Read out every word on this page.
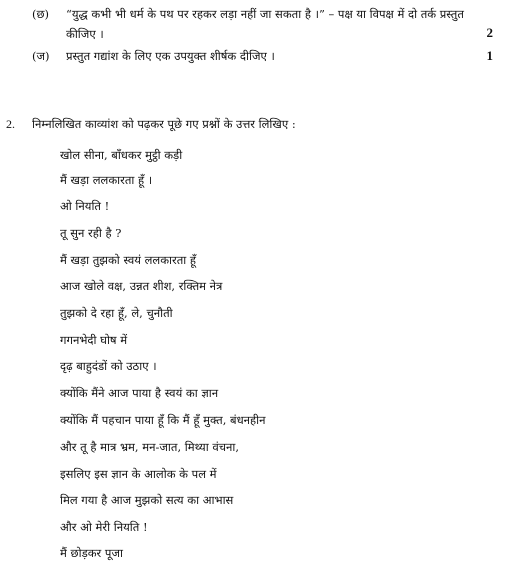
(छ) “युद्ध कभी भी धर्म के पथ पर रहकर लड़ा नहीं जा सकता है ।” – पक्ष या विपक्ष में दो तर्क प्रस्तुत
कीजिए ।	2
(ज) प्रस्तुत गद्यांश के लिए एक उपयुक्त शीर्षक दीजिए ।	1
2. निम्नलिखित काव्यांश को पढ़कर पूछे गए प्रश्नों के उत्तर लिखिए :
खोल सीना, बाँधकर मुट्ठी कड़ी
मैं खड़ा ललकारता हूँ ।
ओ नियति !
तू सुन रही है ?
मैं खड़ा तुझको स्वयं ललकारता हूँ
आज खोले वक्ष, उन्नत शीश, रक्तिम नेत्र
तुझको दे रहा हूँ, ले, चुनौती
गगनभेदी घोष में
दृढ़ बाहुदंडों को उठाए ।
क्योंकि मैंने आज पाया है स्वयं का ज्ञान
क्योंकि मैं पहचान पाया हूँ कि मैं हूँ मुक्त, बंधनहीन
और तू है मात्र भ्रम, मन-जात, मिथ्या वंचना,
इसलिए इस ज्ञान के आलोक के पल में
मिल गया है आज मुझको सत्य का आभास
और ओ मेरी नियति !
मैं छोड़कर पूजा
